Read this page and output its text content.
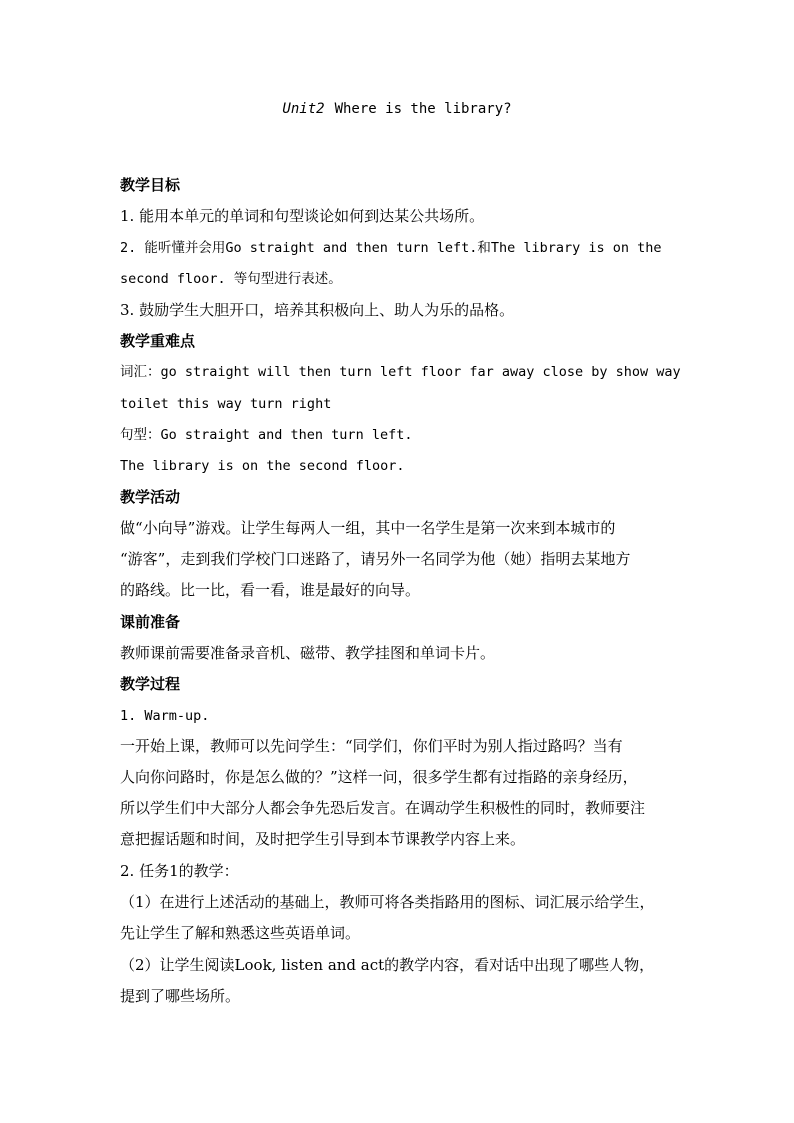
Unit2 Where is the library?
教学目标
1. 能用本单元的单词和句型谈论如何到达某公共场所。
2. 能听懂并会用Go straight and then turn left.和The library is on the
second floor. 等句型进行表述。
3. 鼓励学生大胆开口，培养其积极向上、助人为乐的品格。
教学重难点
词汇：go straight will then turn left floor far away close by show way
toilet this way turn right
句型：Go straight and then turn left.
The library is on the second floor.
教学活动
做“小向导”游戏。让学生每两人一组，其中一名学生是第一次来到本城市的
“游客”，走到我们学校门口迷路了，请另外一名同学为他（她）指明去某地方
的路线。比一比，看一看，谁是最好的向导。
课前准备
教师课前需要准备录音机、磁带、教学挂图和单词卡片。
教学过程
1. Warm-up.
一开始上课，教师可以先问学生：“同学们，你们平时为别人指过路吗？当有
人向你问路时，你是怎么做的？”这样一问，很多学生都有过指路的亲身经历，
所以学生们中大部分人都会争先恐后发言。在调动学生积极性的同时，教师要注
意把握话题和时间，及时把学生引导到本节课教学内容上来。
2. 任务1的教学：
（1）在进行上述活动的基础上，教师可将各类指路用的图标、词汇展示给学生，
先让学生了解和熟悉这些英语单词。
（2）让学生阅读Look, listen and act的教学内容，看对话中出现了哪些人物，
提到了哪些场所。
